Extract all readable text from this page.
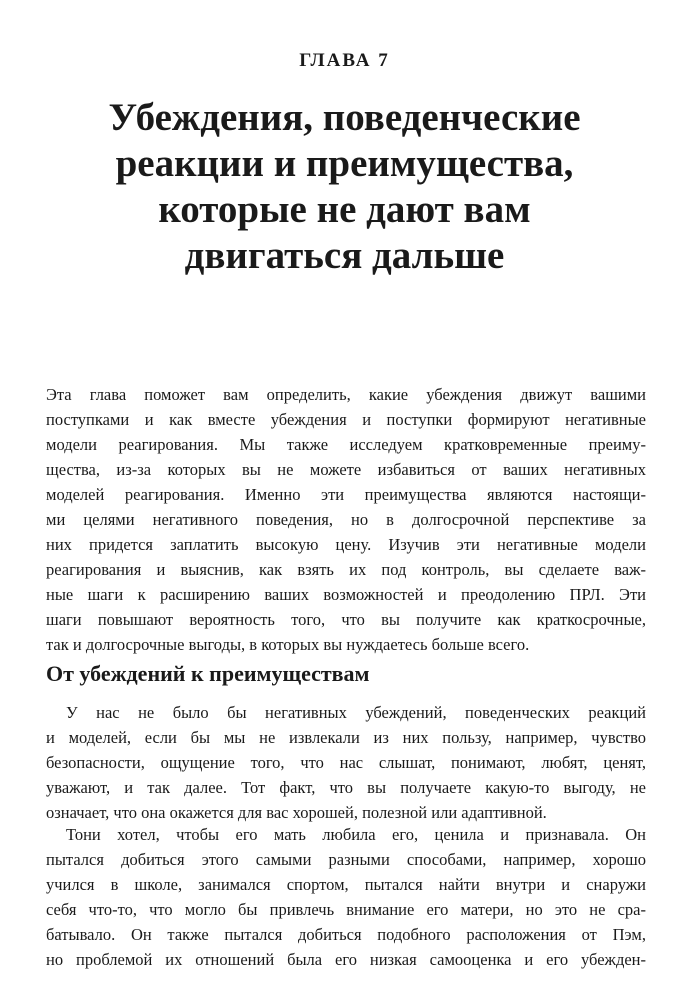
ГЛАВА 7
Убеждения, поведенческие
реакции и преимущества,
которые не дают вам
двигаться дальше

Эта глава поможет вам определить, какие убеждения движут вашими
поступками и как вместе убеждения и поступки формируют негативные
модели реагирования. Мы также исследуем кратковременные преиму-
щества, из-за которых вы не можете избавиться от ваших негативных
моделей реагирования. Именно эти преимущества являются настоящи-
ми целями негативного поведения, но в долгосрочной перспективе за
них придется заплатить высокую цену. Изучив эти негативные модели
реагирования и выяснив, как взять их под контроль, вы сделаете важ-
ные шаги к расширению ваших возможностей и преодолению ПРЛ. Эти
шаги повышают вероятность того, что вы получите как краткосрочные,
так и долгосрочные выгоды, в которых вы нуждаетесь больше всего.

От убеждений к преимуществам

У нас не было бы негативных убеждений, поведенческих реакций
и моделей, если бы мы не извлекали из них пользу, например, чувство
безопасности, ощущение того, что нас слышат, понимают, любят, ценят,
уважают, и так далее. Тот факт, что вы получаете какую-то выгоду, не
означает, что она окажется для вас хорошей, полезной или адаптивной.

Тони хотел, чтобы его мать любила его, ценила и признавала. Он
пытался добиться этого самыми разными способами, например, хорошо
учился в школе, занимался спортом, пытался найти внутри и снаружи
себя что-то, что могло бы привлечь внимание его матери, но это не сра-
батывало. Он также пытался добиться подобного расположения от Пэм,
но проблемой их отношений была его низкая самооценка и его убежден-
